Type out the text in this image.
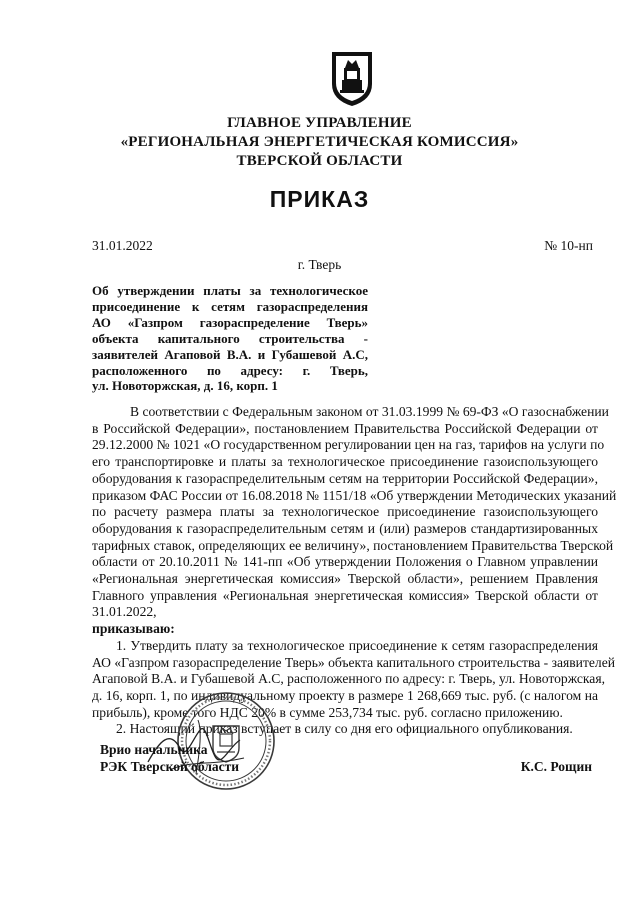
ГЛАВНОЕ УПРАВЛЕНИЕ
«РЕГИОНАЛЬНАЯ ЭНЕРГЕТИЧЕСКАЯ КОМИССИЯ»
ТВЕРСКОЙ ОБЛАСТИ
ПРИКАЗ
31.01.2022	№ 10-нп
г. Тверь
Об утверждении платы за технологическое
присоединение к сетям газораспределения
АО «Газпром газораспределение Тверь»
объекта капитального строительства -
заявителей Агаповой В.А. и Губашевой А.С,
расположенного по адресу: г. Тверь,
ул. Новоторжская, д. 16, корп. 1
В соответствии с Федеральным законом от 31.03.1999 № 69-ФЗ «О газоснабжении
в Российской Федерации», постановлением Правительства Российской Федерации от
29.12.2000 № 1021 «О государственном регулировании цен на газ, тарифов на услуги по
его транспортировке и платы за технологическое присоединение газоиспользующего
оборудования к газораспределительным сетям на территории Российской Федерации»,
приказом ФАС России от 16.08.2018 № 1151/18 «Об утверждении Методических указаний
по расчету размера платы за технологическое присоединение газоиспользующего
оборудования к газораспределительным сетям и (или) размеров стандартизированных
тарифных ставок, определяющих ее величину», постановлением Правительства Тверской
области от 20.10.2011 № 141-пп «Об утверждении Положения о Главном управлении
«Региональная энергетическая комиссия» Тверской области», решением Правления
Главного управления «Региональная энергетическая комиссия» Тверской области от
31.01.2022,
приказываю:
1. Утвердить плату за технологическое присоединение к сетям газораспределения
АО «Газпром газораспределение Тверь» объекта капитального строительства - заявителей
Агаповой В.А. и Губашевой А.С, расположенного по адресу: г. Тверь, ул. Новоторжская,
д. 16, корп. 1, по индивидуальному проекту в размере 1 268,669 тыс. руб. (с налогом на
прибыль), кроме того НДС 20% в сумме 253,734 тыс. руб. согласно приложению.
2. Настоящий приказ вступает в силу со дня его официального опубликования.
Врио начальника
РЭК Тверской области	К.С. Рощин
